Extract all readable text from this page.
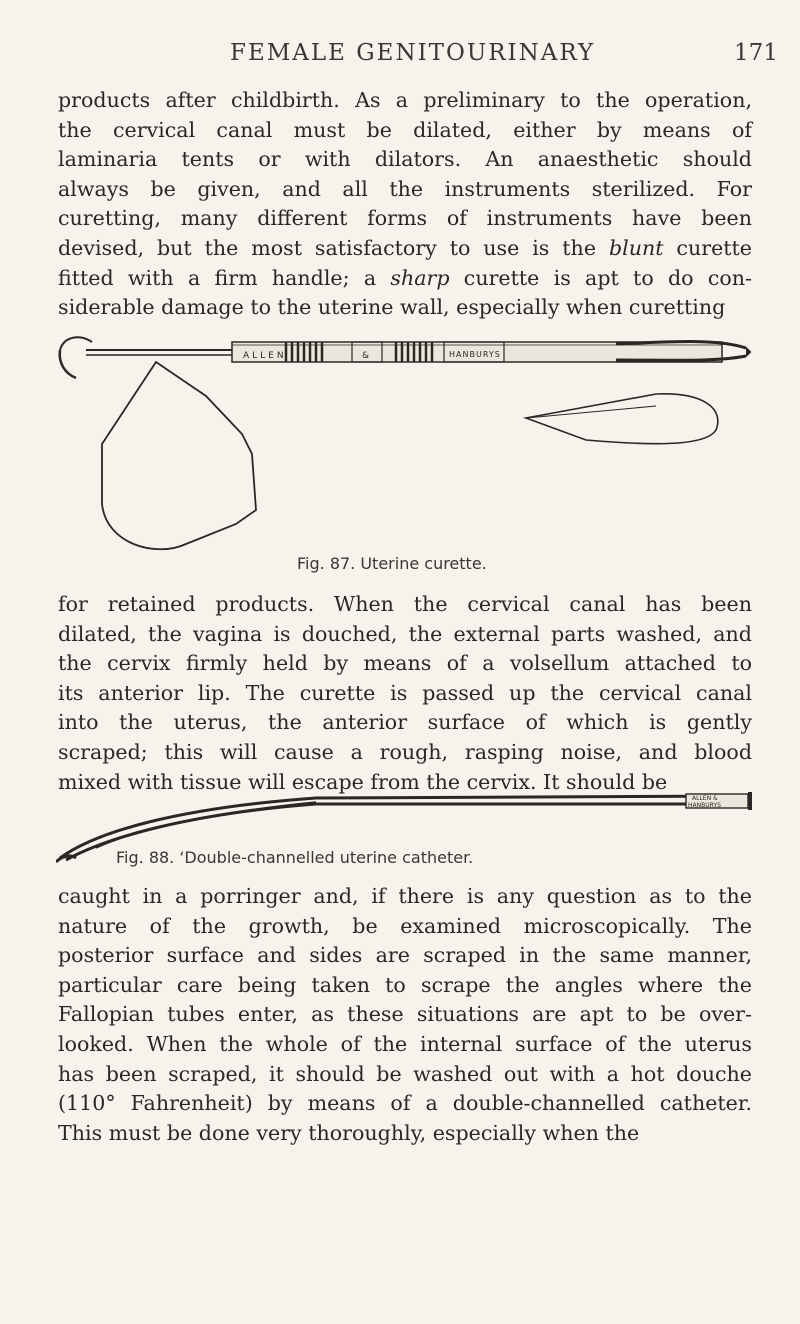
FEMALE GENITOURINARY	171
products after childbirth. As a preliminary to the operation,
the cervical canal must be dilated, either by means of
laminaria tents or with dilators. An anaesthetic should
always be given, and all the instruments sterilized. For
curetting, many different forms of instruments have been
devised, but the most satisfactory to use is the blunt curette
fitted with a firm handle; a sharp curette is apt to do con-
siderable damage to the uterine wall, especially when curetting
ALLEN	&	HANBURYS
Fig. 87. Uterine curette.
for retained products. When the cervical canal has been
dilated, the vagina is douched, the external parts washed, and
the cervix firmly held by means of a volsellum attached to
its anterior lip. The curette is passed up the cervical canal
into the uterus, the anterior surface of which is gently
scraped; this will cause a rough, rasping noise, and blood
mixed with tissue will escape from the cervix. It should be
ALLEN &
HANBURYS
Fig. 88. ‘Double-channelled uterine catheter.
caught in a porringer and, if there is any question as to the
nature of the growth, be examined microscopically. The
posterior surface and sides are scraped in the same manner,
particular care being taken to scrape the angles where the
Fallopian tubes enter, as these situations are apt to be over-
looked. When the whole of the internal surface of the uterus
has been scraped, it should be washed out with a hot douche
(110° Fahrenheit) by means of a double-channelled catheter.
This must be done very thoroughly, especially when the
